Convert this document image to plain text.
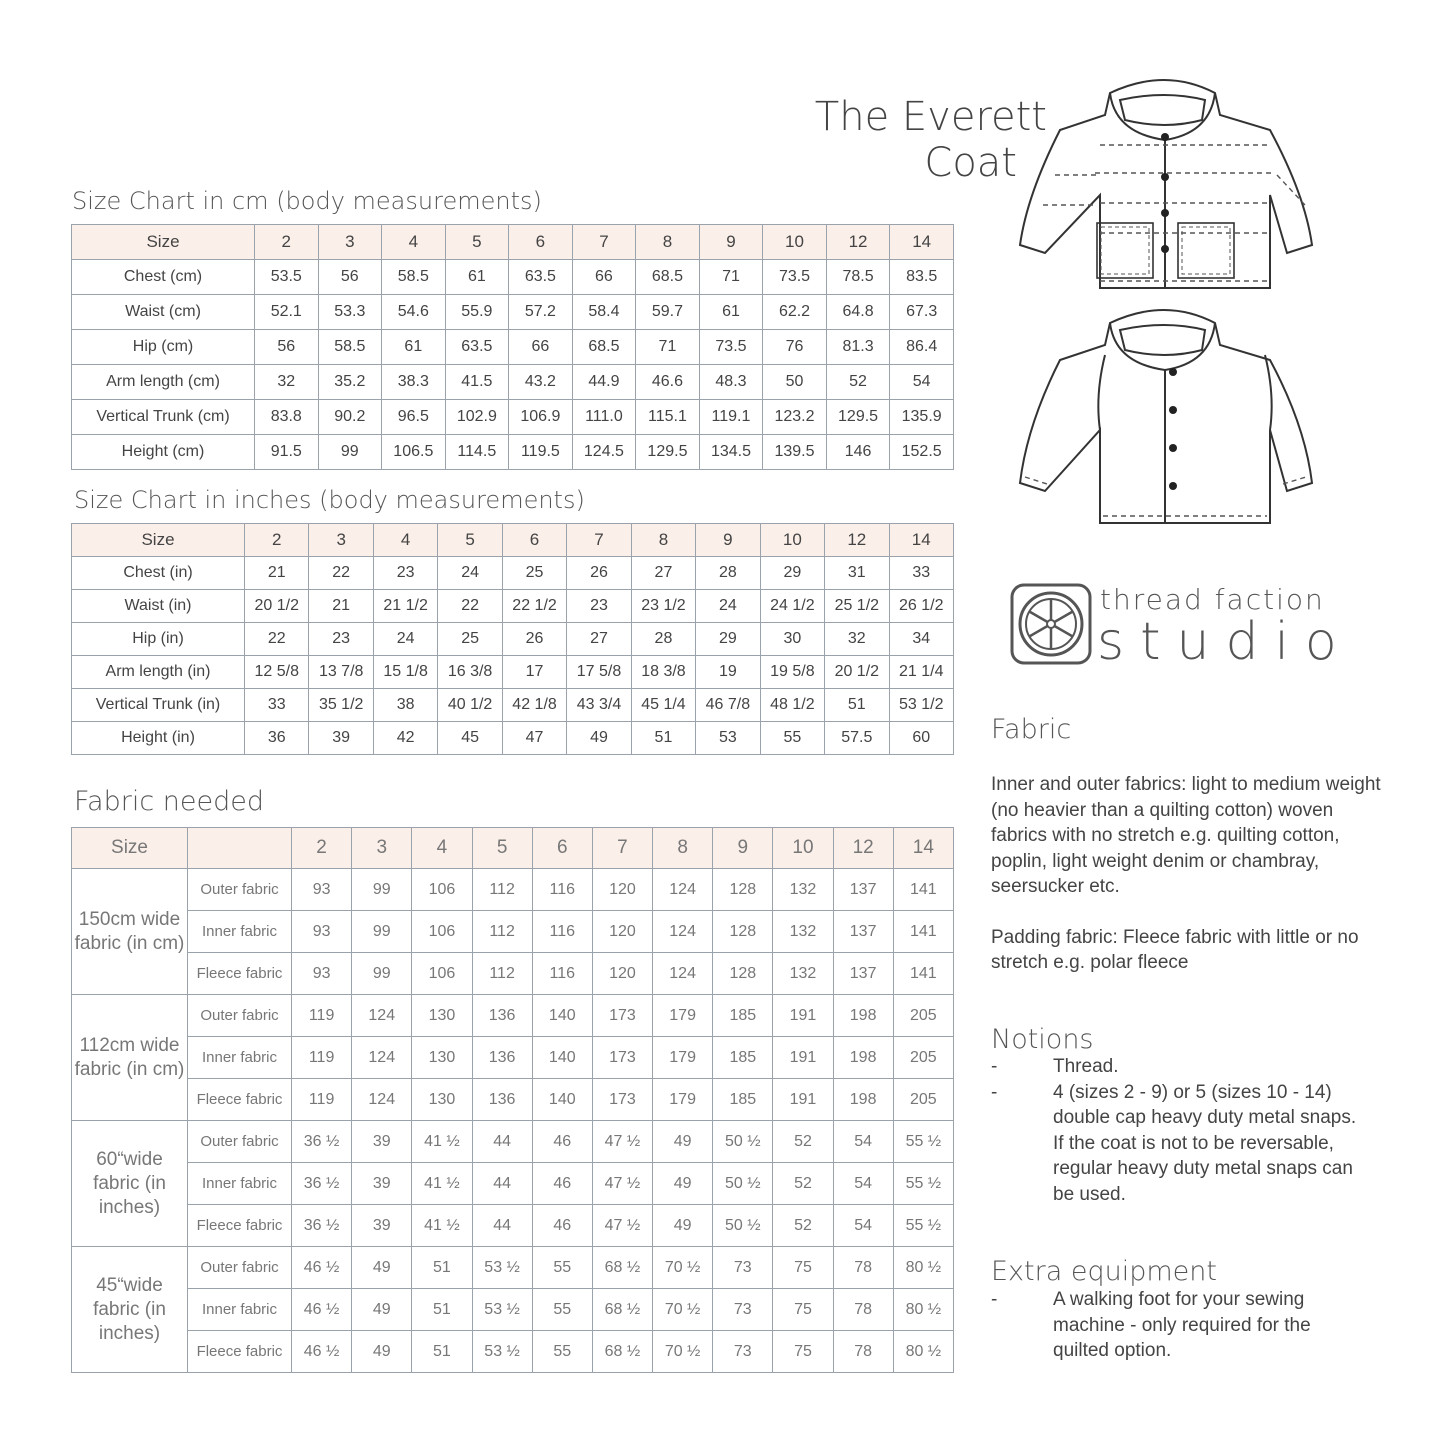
The Everett
Coat
thread faction
studio
Size Chart in cm (body measurements)
Size Chart in inches (body measurements)
Fabric needed
Size	2	3	4	5	6	7	8	9	10	12	14
Chest (cm)	53.5	56	58.5	61	63.5	66	68.5	71	73.5	78.5	83.5
Waist (cm)	52.1	53.3	54.6	55.9	57.2	58.4	59.7	61	62.2	64.8	67.3
Hip (cm)	56	58.5	61	63.5	66	68.5	71	73.5	76	81.3	86.4
Arm length (cm)	32	35.2	38.3	41.5	43.2	44.9	46.6	48.3	50	52	54
Vertical Trunk (cm)	83.8	90.2	96.5	102.9	106.9	111.0	115.1	119.1	123.2	129.5	135.9
Height (cm)	91.5	99	106.5	114.5	119.5	124.5	129.5	134.5	139.5	146	152.5
Size	2	3	4	5	6	7	8	9	10	12	14
Chest (in)	21	22	23	24	25	26	27	28	29	31	33
Waist (in)	20 1/2	21	21 1/2	22	22 1/2	23	23 1/2	24	24 1/2	25 1/2	26 1/2
Hip (in)	22	23	24	25	26	27	28	29	30	32	34
Arm length (in)	12 5/8	13 7/8	15 1/8	16 3/8	17	17 5/8	18 3/8	19	19 5/8	20 1/2	21 1/4
Vertical Trunk (in)	33	35 1/2	38	40 1/2	42 1/8	43 3/4	45 1/4	46 7/8	48 1/2	51	53 1/2
Height (in)	36	39	42	45	47	49	51	53	55	57.5	60
Size		2	3	4	5	6	7	8	9	10	12	14
150cm wide fabric (in cm)	Outer fabric	93	99	106	112	116	120	124	128	132	137	141
	Inner fabric	93	99	106	112	116	120	124	128	132	137	141
	Fleece fabric	93	99	106	112	116	120	124	128	132	137	141
112cm wide fabric (in cm)	Outer fabric	119	124	130	136	140	173	179	185	191	198	205
	Inner fabric	119	124	130	136	140	173	179	185	191	198	205
	Fleece fabric	119	124	130	136	140	173	179	185	191	198	205
60“wide fabric (in inches)	Outer fabric	36 ½	39	41 ½	44	46	47 ½	49	50 ½	52	54	55 ½
	Inner fabric	36 ½	39	41 ½	44	46	47 ½	49	50 ½	52	54	55 ½
	Fleece fabric	36 ½	39	41 ½	44	46	47 ½	49	50 ½	52	54	55 ½
45“wide fabric (in inches)	Outer fabric	46 ½	49	51	53 ½	55	68 ½	70 ½	73	75	78	80 ½
	Inner fabric	46 ½	49	51	53 ½	55	68 ½	70 ½	73	75	78	80 ½
	Fleece fabric	46 ½	49	51	53 ½	55	68 ½	70 ½	73	75	78	80 ½
Fabric

Inner and outer fabrics: light to medium weight (no heavier than a quilting cotton) woven fabrics with no stretch e.g. quilting cotton, poplin, light weight denim or chambray, seersucker etc.

Padding fabric: Fleece fabric with little or no stretch e.g. polar fleece

Notions
-	Thread.
-	4 (sizes 2 - 9) or 5 (sizes 10 - 14) double cap heavy duty metal snaps.
If the coat is not to be reversable, regular heavy duty metal snaps can be used.
Extra equipment
-	A walking foot for your sewing machine - only required for the quilted option.
